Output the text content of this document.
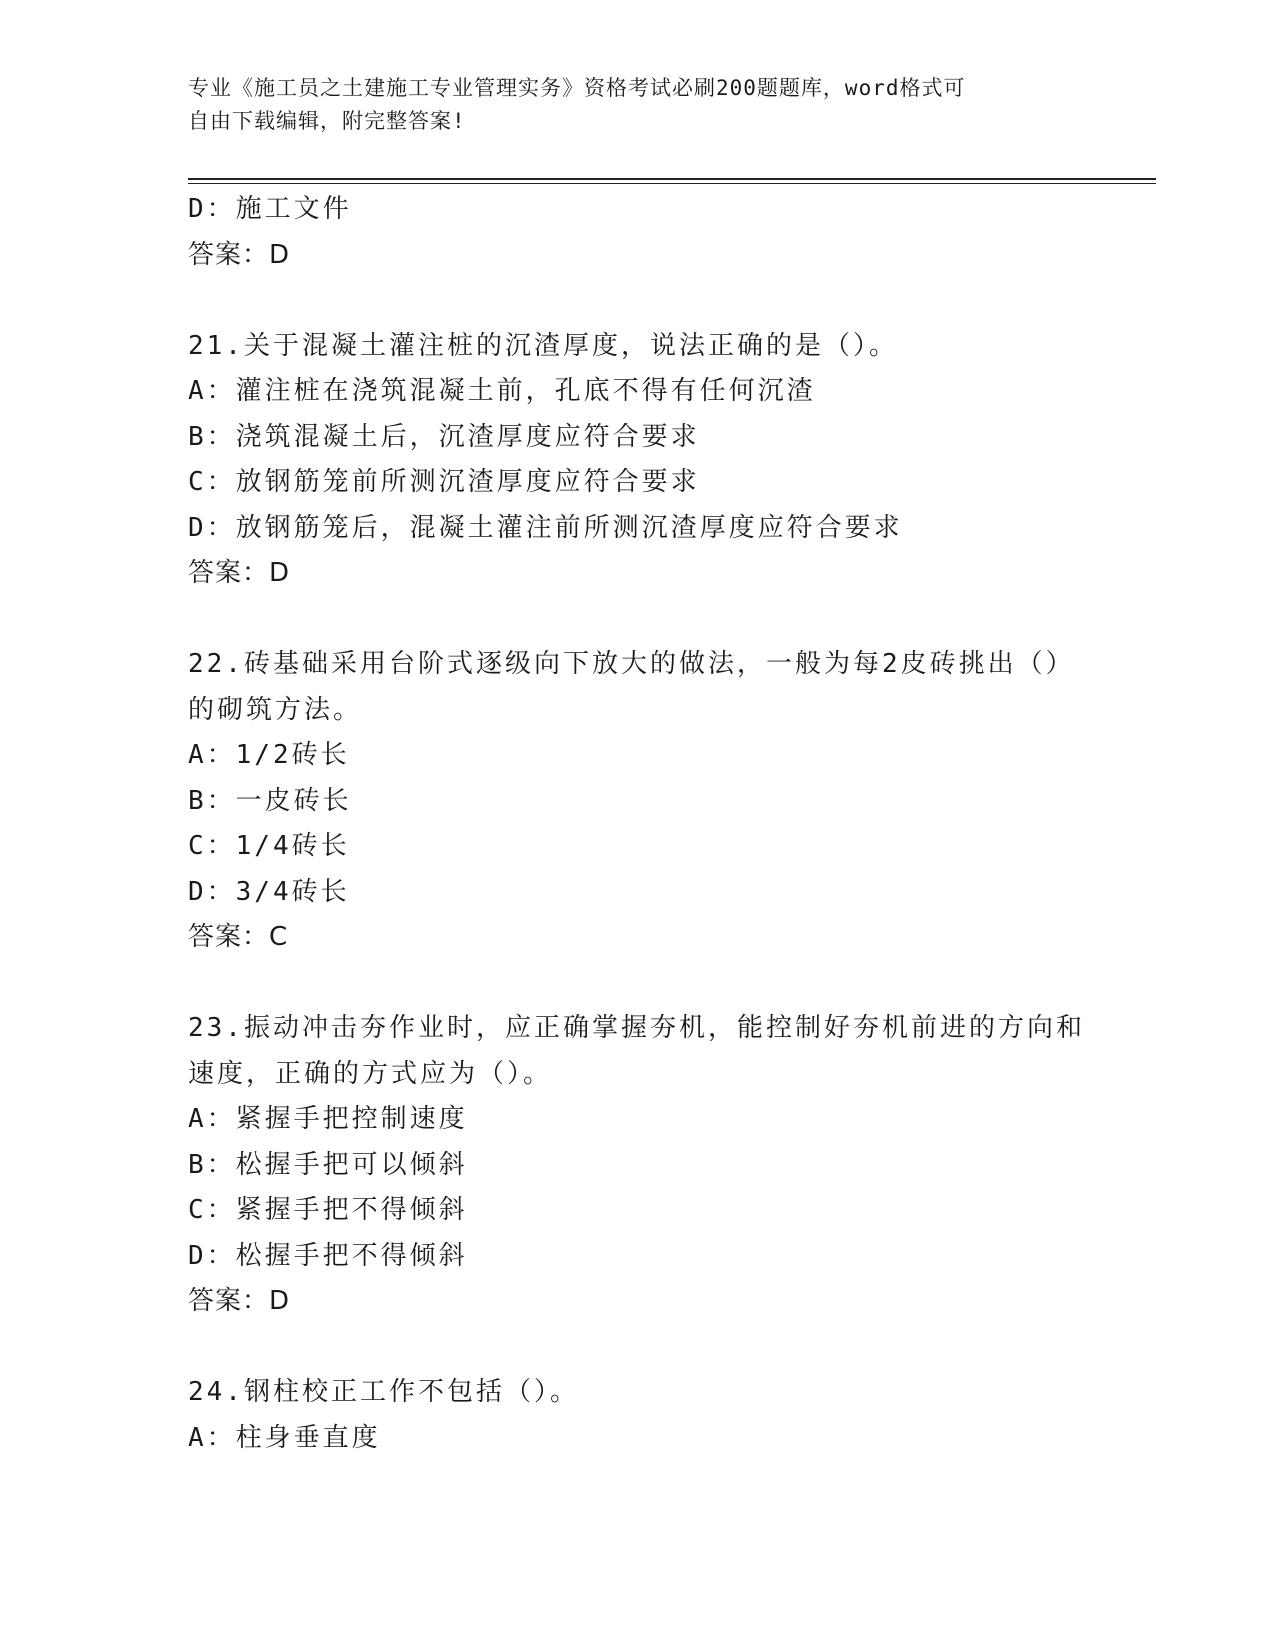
专业《施工员之土建施工专业管理实务》资格考试必刷200题题库，word格式可
自由下载编辑，附完整答案!
D：施工文件
答案：D
21.关于混凝土灌注桩的沉渣厚度，说法正确的是（）。
A：灌注桩在浇筑混凝土前，孔底不得有任何沉渣
B：浇筑混凝土后，沉渣厚度应符合要求
C：放钢筋笼前所测沉渣厚度应符合要求
D：放钢筋笼后，混凝土灌注前所测沉渣厚度应符合要求
答案：D
22.砖基础采用台阶式逐级向下放大的做法，一般为每2皮砖挑出（）
的砌筑方法。
A：1/2砖长
B：一皮砖长
C：1/4砖长
D：3/4砖长
答案：C
23.振动冲击夯作业时，应正确掌握夯机，能控制好夯机前进的方向和
速度，正确的方式应为（）。
A：紧握手把控制速度
B：松握手把可以倾斜
C：紧握手把不得倾斜
D：松握手把不得倾斜
答案：D
24.钢柱校正工作不包括（）。
A：柱身垂直度
